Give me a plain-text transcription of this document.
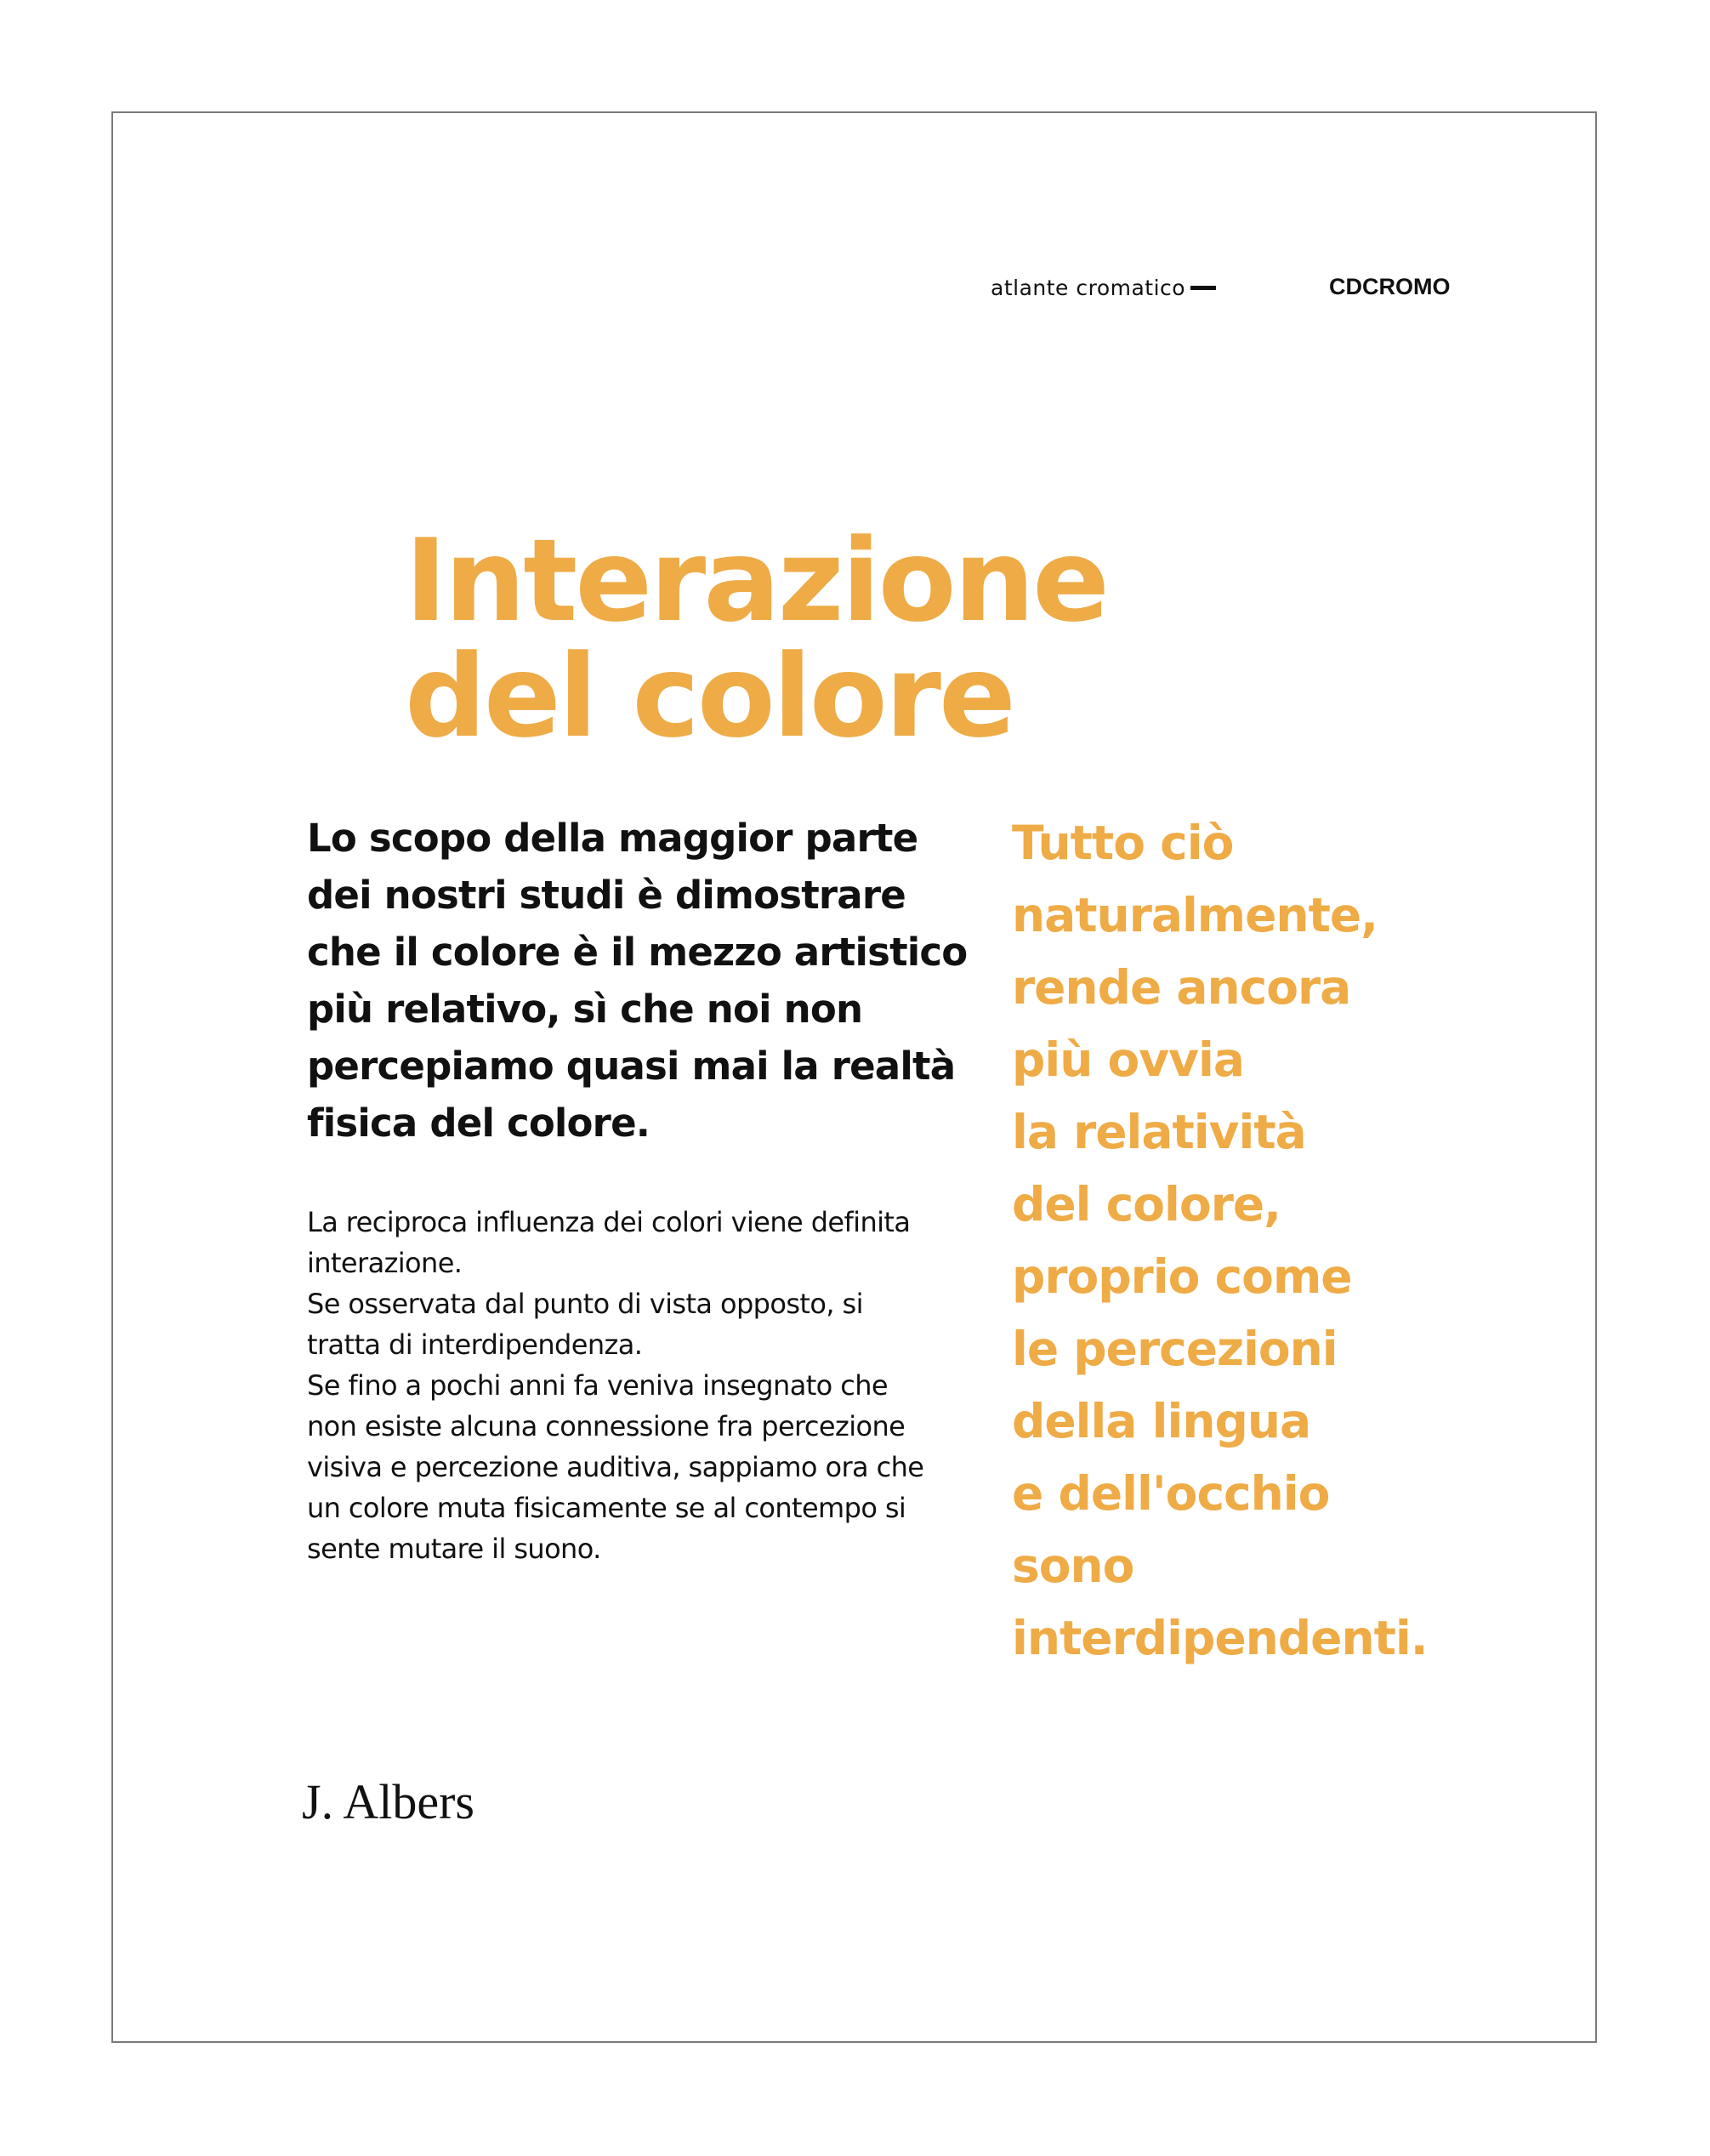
atlante cromatico	CDCROMO
Interazione
del colore

Lo scopo della maggior parte
dei nostri studi è dimostrare
che il colore è il mezzo artistico
più relativo, sì che noi non
percepiamo quasi mai la realtà
fisica del colore.

La reciproca influenza dei colori viene definita
interazione.
Se osservata dal punto di vista opposto, si
tratta di interdipendenza.
Se fino a pochi anni fa veniva insegnato che
non esiste alcuna connessione fra percezione
visiva e percezione auditiva, sappiamo ora che
un colore muta fisicamente se al contempo si
sente mutare il suono.

Tutto ciò
naturalmente,
rende ancora
più ovvia
la relatività
del colore,
proprio come
le percezioni
della lingua
e dell'occhio
sono
interdipendenti.

J. Albers
